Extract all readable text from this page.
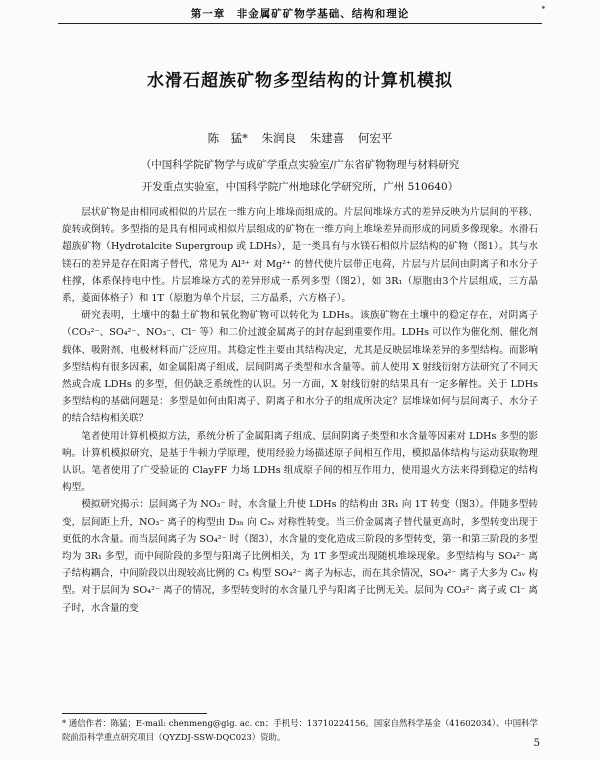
第一章　非金属矿矿物学基础、结构和理论	•
水滑石超族矿物多型结构的计算机模拟
陈　猛* 朱润良 朱建喜 何宏平
（中国科学院矿物学与成矿学重点实验室/广东省矿物物理与材料研究
开发重点实验室，中国科学院广州地球化学研究所，广州 510640）

层状矿物是由相同或相似的片层在一维方向上堆垛而组成的。片层间堆垛方式的差异反映为片层间的平移、旋转或倒转。多型指的是具有相同或相似片层组成的矿物在一维方向上堆垛差异而形成的同质多像现象。水滑石超族矿物（Hydrotalcite Supergroup 或 LDHs），是一类具有与水镁石相似片层结构的矿物（图1）。其与水镁石的差异是存在阳离子替代，常见为 Al³⁺ 对 Mg²⁺ 的替代使片层带正电荷，片层与片层间由阴离子和水分子柱撑，体系保持电中性。片层堆垛方式的差异形成一系列多型（图2），如 3R₁（原胞由3个片层组成，三方晶系，菱面体格子）和 1T（原胞为单个片层，三方晶系，六方格子）。

研究表明，土壤中的黏土矿物和氧化物矿物可以转化为 LDHs。该族矿物在土壤中的稳定存在，对阴离子（CO₃²⁻、SO₄²⁻、NO₃⁻、Cl⁻ 等）和二价过渡金属离子的封存起到重要作用。LDHs 可以作为催化剂、催化剂载体、吸附剂、电极材料而广泛应用。其稳定性主要由其结构决定，尤其是反映层堆垛差异的多型结构。而影响多型结构有很多因素，如金属阳离子组成，层间阴离子类型和水含量等。前人使用 X 射线衍射方法研究了不同天然或合成 LDHs 的多型，但仍缺乏系统性的认识。另一方面，X 射线衍射的结果具有一定多解性。关于 LDHs 多型结构的基础问题是：多型是如何由阳离子、阴离子和水分子的组成所决定？层堆垛如何与层间离子、水分子的结合结构相关联？

笔者使用计算机模拟方法，系统分析了金属阳离子组成、层间阴离子类型和水含量等因素对 LDHs 多型的影响。计算机模拟研究，是基于牛顿力学原理，使用经验力场描述原子间相互作用，模拟晶体结构与运动获取物理认识。笔者使用了广受验证的 ClayFF 力场 LDHs 组成原子间的相互作用力，使用退火方法来得到稳定的结构构型。

模拟研究揭示：层间离子为 NO₃⁻ 时，水含量上升使 LDHs 的结构由 3R₁ 向 1T 转变（图3）。伴随多型转变，层间距上升，NO₃⁻ 离子的构型由 D₃ₕ 向 C₂ᵥ 对称性转变。当三价金属离子替代量更高时，多型转变出现于更低的水含量。而当层间离子为 SO₄²⁻ 时（图3），水含量的变化造成三阶段的多型转变，第一和第三阶段的多型均为 3R₁ 多型，而中间阶段的多型与阳离子比例相关，为 1T 多型或出现随机堆垛现象。多型结构与 SO₄²⁻ 离子结构耦合，中间阶段以出现较高比例的 C₃ 构型 SO₄²⁻ 离子为标志，而在其余情况，SO₄²⁻ 离子大多为 C₃ᵥ 构型。对于层间为 SO₄²⁻ 离子的情况，多型转变时的水含量几乎与阳离子比例无关。层间为 CO₃²⁻ 离子或 Cl⁻ 离子时，水含量的变

* 通信作者：陈猛；E-mail: chenmeng@gig. ac. cn；手机号：13710224156。国家自然科学基金（41602034）、中国科学院前沿科学重点研究项目（QYZDJ-SSW-DQC023）资助。
5
